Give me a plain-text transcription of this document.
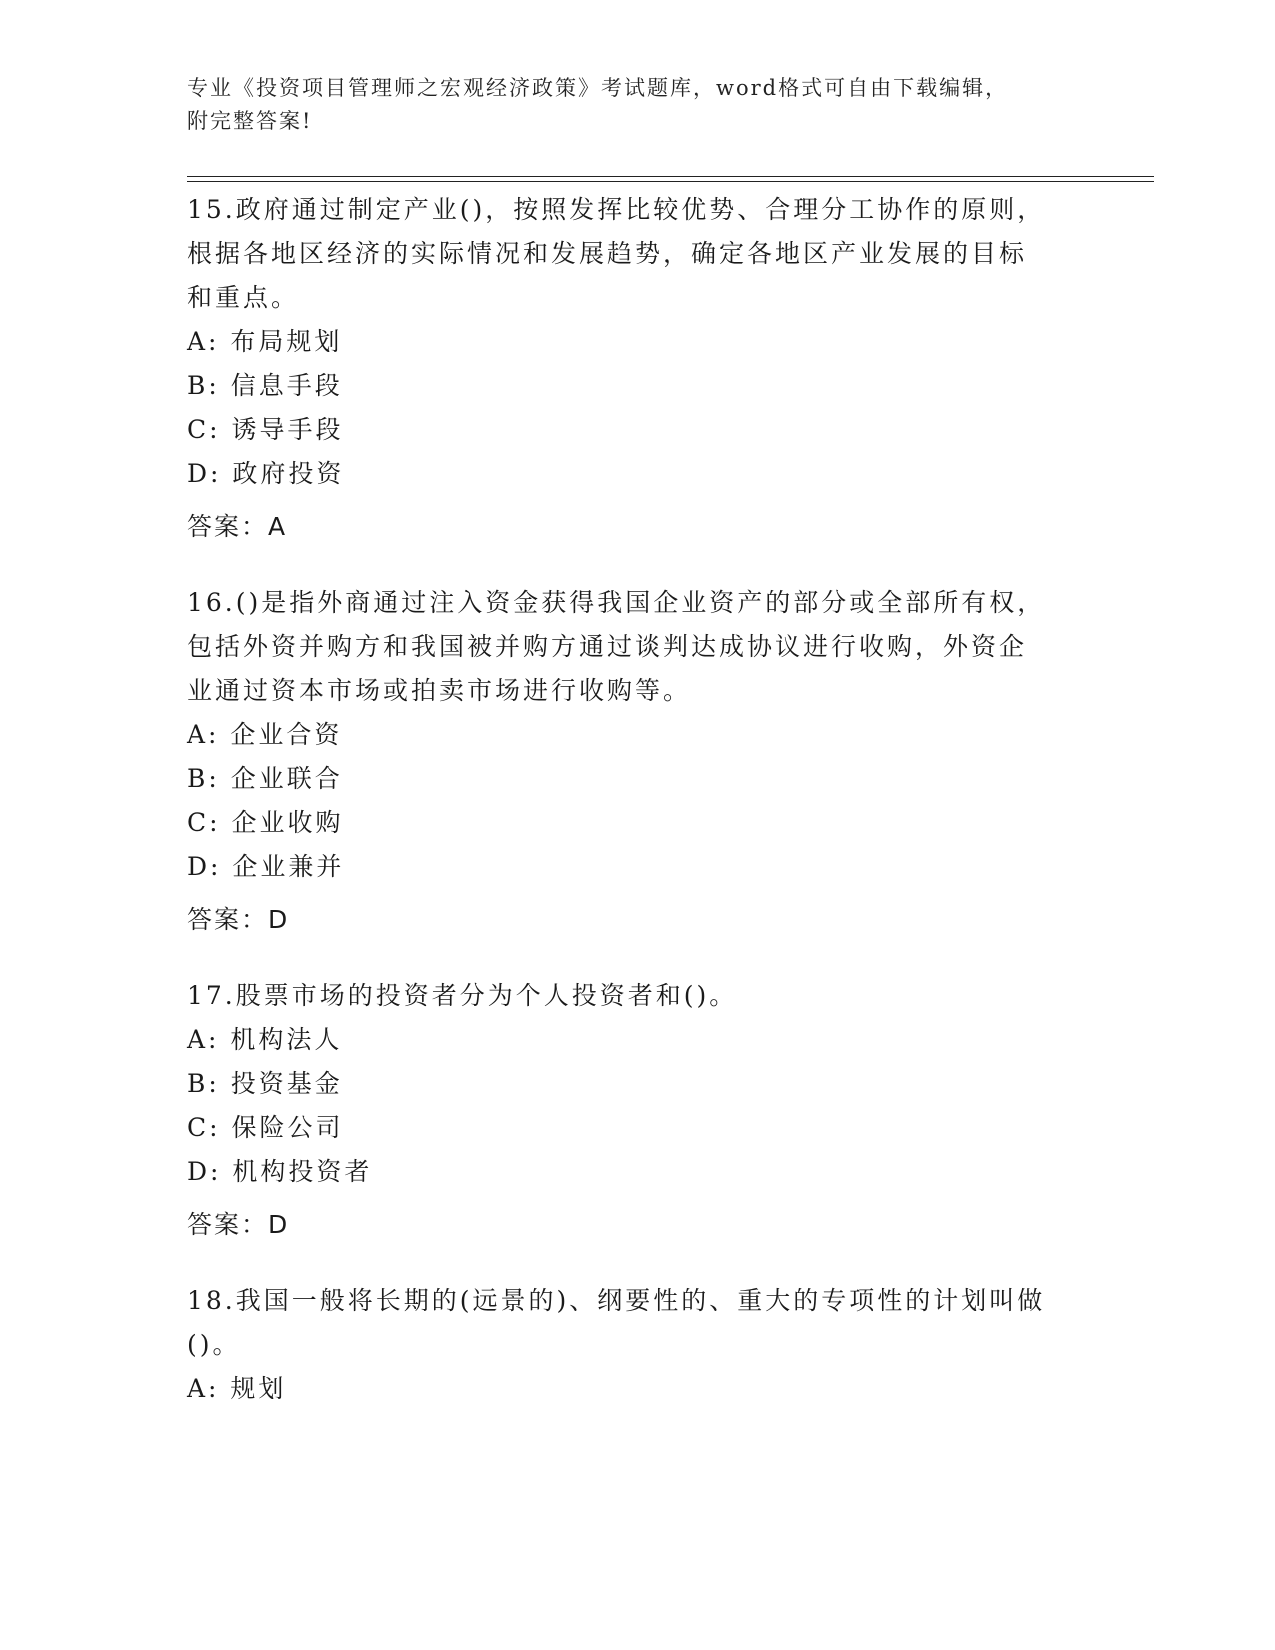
专业《投资项目管理师之宏观经济政策》考试题库，word格式可自由下载编辑，
附完整答案!
15.政府通过制定产业()，按照发挥比较优势、合理分工协作的原则，
根据各地区经济的实际情况和发展趋势，确定各地区产业发展的目标
和重点。
A: 布局规划
B: 信息手段
C: 诱导手段
D: 政府投资
答案：A
16.()是指外商通过注入资金获得我国企业资产的部分或全部所有权，
包括外资并购方和我国被并购方通过谈判达成协议进行收购，外资企
业通过资本市场或拍卖市场进行收购等。
A: 企业合资
B: 企业联合
C: 企业收购
D: 企业兼并
答案：D
17.股票市场的投资者分为个人投资者和()。
A: 机构法人
B: 投资基金
C: 保险公司
D: 机构投资者
答案：D
18.我国一般将长期的(远景的)、纲要性的、重大的专项性的计划叫做
()。
A: 规划
